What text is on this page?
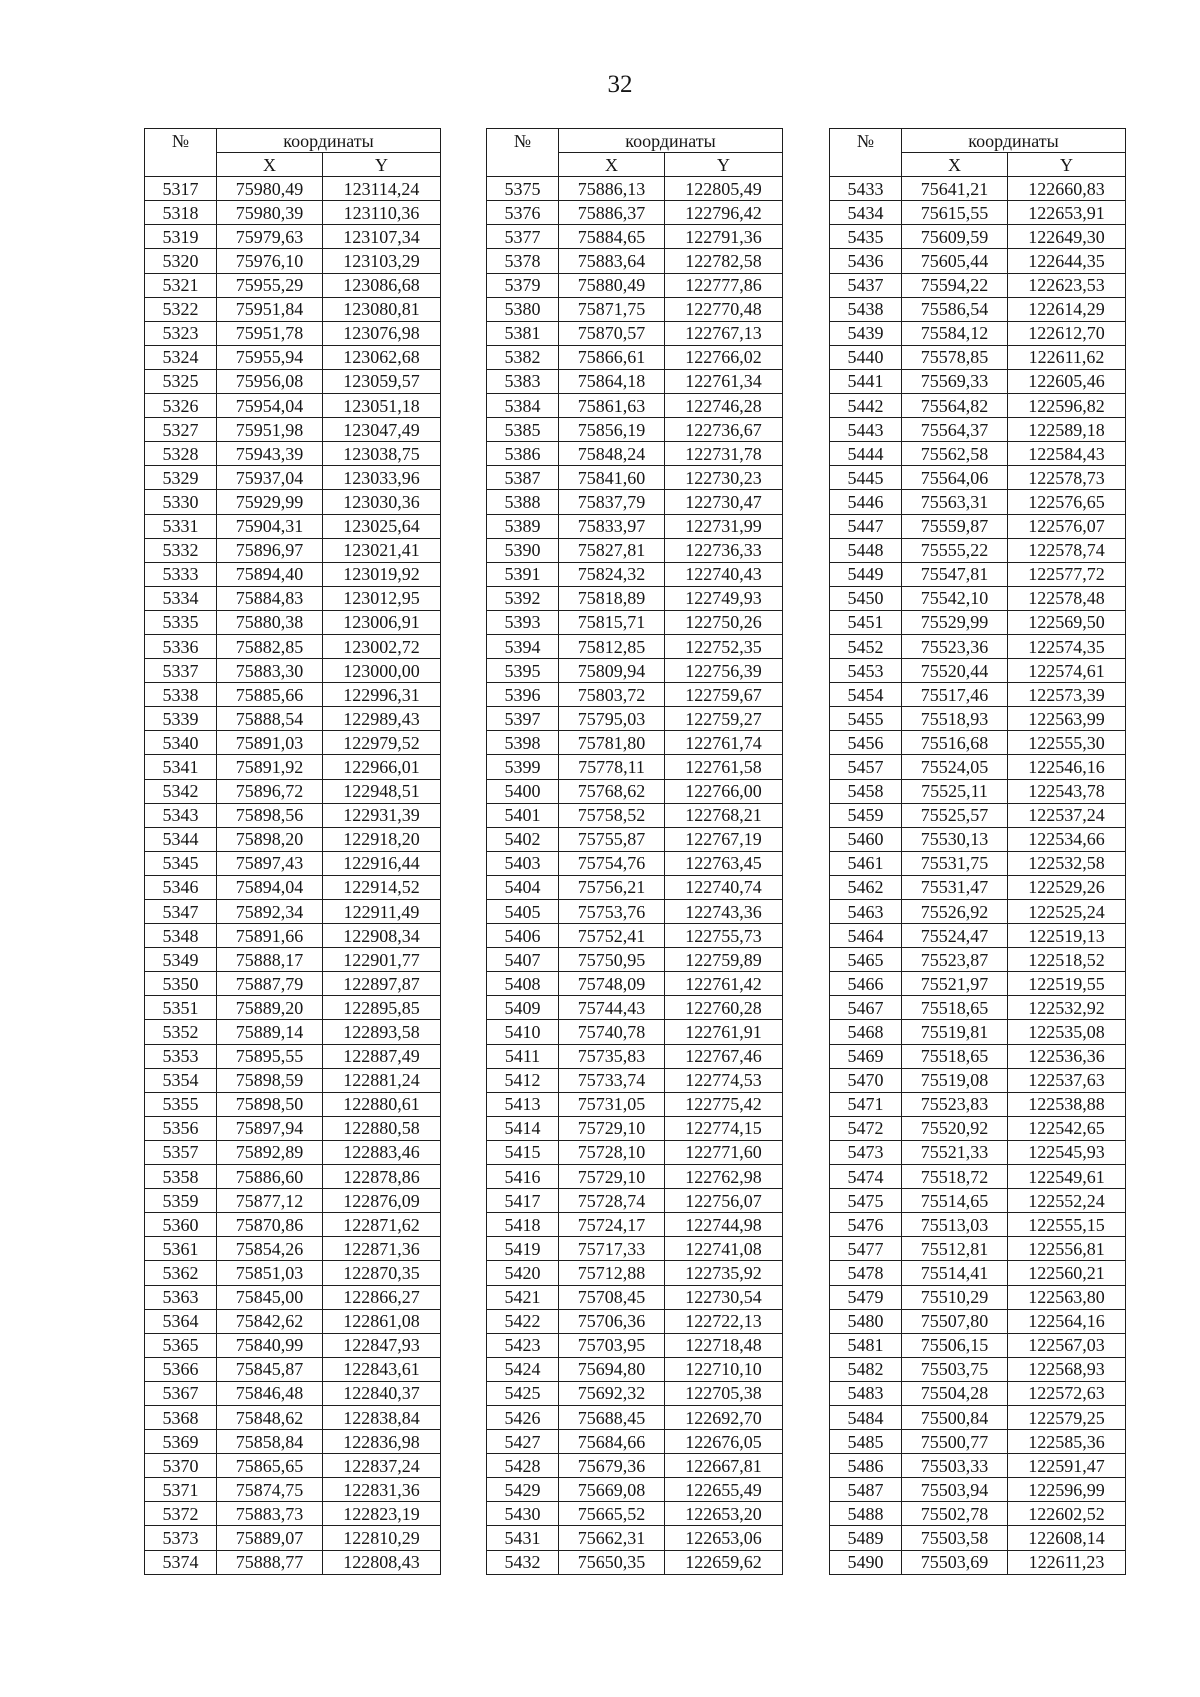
32
№	координаты	
	X	Y
5317	75980,49	123114,24
5318	75980,39	123110,36
5319	75979,63	123107,34
5320	75976,10	123103,29
5321	75955,29	123086,68
5322	75951,84	123080,81
5323	75951,78	123076,98
5324	75955,94	123062,68
5325	75956,08	123059,57
5326	75954,04	123051,18
5327	75951,98	123047,49
5328	75943,39	123038,75
5329	75937,04	123033,96
5330	75929,99	123030,36
5331	75904,31	123025,64
5332	75896,97	123021,41
5333	75894,40	123019,92
5334	75884,83	123012,95
5335	75880,38	123006,91
5336	75882,85	123002,72
5337	75883,30	123000,00
5338	75885,66	122996,31
5339	75888,54	122989,43
5340	75891,03	122979,52
5341	75891,92	122966,01
5342	75896,72	122948,51
5343	75898,56	122931,39
5344	75898,20	122918,20
5345	75897,43	122916,44
5346	75894,04	122914,52
5347	75892,34	122911,49
5348	75891,66	122908,34
5349	75888,17	122901,77
5350	75887,79	122897,87
5351	75889,20	122895,85
5352	75889,14	122893,58
5353	75895,55	122887,49
5354	75898,59	122881,24
5355	75898,50	122880,61
5356	75897,94	122880,58
5357	75892,89	122883,46
5358	75886,60	122878,86
5359	75877,12	122876,09
5360	75870,86	122871,62
5361	75854,26	122871,36
5362	75851,03	122870,35
5363	75845,00	122866,27
5364	75842,62	122861,08
5365	75840,99	122847,93
5366	75845,87	122843,61
5367	75846,48	122840,37
5368	75848,62	122838,84
5369	75858,84	122836,98
5370	75865,65	122837,24
5371	75874,75	122831,36
5372	75883,73	122823,19
5373	75889,07	122810,29
5374	75888,77	122808,43
№	координаты	
	X	Y
5375	75886,13	122805,49
5376	75886,37	122796,42
5377	75884,65	122791,36
5378	75883,64	122782,58
5379	75880,49	122777,86
5380	75871,75	122770,48
5381	75870,57	122767,13
5382	75866,61	122766,02
5383	75864,18	122761,34
5384	75861,63	122746,28
5385	75856,19	122736,67
5386	75848,24	122731,78
5387	75841,60	122730,23
5388	75837,79	122730,47
5389	75833,97	122731,99
5390	75827,81	122736,33
5391	75824,32	122740,43
5392	75818,89	122749,93
5393	75815,71	122750,26
5394	75812,85	122752,35
5395	75809,94	122756,39
5396	75803,72	122759,67
5397	75795,03	122759,27
5398	75781,80	122761,74
5399	75778,11	122761,58
5400	75768,62	122766,00
5401	75758,52	122768,21
5402	75755,87	122767,19
5403	75754,76	122763,45
5404	75756,21	122740,74
5405	75753,76	122743,36
5406	75752,41	122755,73
5407	75750,95	122759,89
5408	75748,09	122761,42
5409	75744,43	122760,28
5410	75740,78	122761,91
5411	75735,83	122767,46
5412	75733,74	122774,53
5413	75731,05	122775,42
5414	75729,10	122774,15
5415	75728,10	122771,60
5416	75729,10	122762,98
5417	75728,74	122756,07
5418	75724,17	122744,98
5419	75717,33	122741,08
5420	75712,88	122735,92
5421	75708,45	122730,54
5422	75706,36	122722,13
5423	75703,95	122718,48
5424	75694,80	122710,10
5425	75692,32	122705,38
5426	75688,45	122692,70
5427	75684,66	122676,05
5428	75679,36	122667,81
5429	75669,08	122655,49
5430	75665,52	122653,20
5431	75662,31	122653,06
5432	75650,35	122659,62
№	координаты	
	X	Y
5433	75641,21	122660,83
5434	75615,55	122653,91
5435	75609,59	122649,30
5436	75605,44	122644,35
5437	75594,22	122623,53
5438	75586,54	122614,29
5439	75584,12	122612,70
5440	75578,85	122611,62
5441	75569,33	122605,46
5442	75564,82	122596,82
5443	75564,37	122589,18
5444	75562,58	122584,43
5445	75564,06	122578,73
5446	75563,31	122576,65
5447	75559,87	122576,07
5448	75555,22	122578,74
5449	75547,81	122577,72
5450	75542,10	122578,48
5451	75529,99	122569,50
5452	75523,36	122574,35
5453	75520,44	122574,61
5454	75517,46	122573,39
5455	75518,93	122563,99
5456	75516,68	122555,30
5457	75524,05	122546,16
5458	75525,11	122543,78
5459	75525,57	122537,24
5460	75530,13	122534,66
5461	75531,75	122532,58
5462	75531,47	122529,26
5463	75526,92	122525,24
5464	75524,47	122519,13
5465	75523,87	122518,52
5466	75521,97	122519,55
5467	75518,65	122532,92
5468	75519,81	122535,08
5469	75518,65	122536,36
5470	75519,08	122537,63
5471	75523,83	122538,88
5472	75520,92	122542,65
5473	75521,33	122545,93
5474	75518,72	122549,61
5475	75514,65	122552,24
5476	75513,03	122555,15
5477	75512,81	122556,81
5478	75514,41	122560,21
5479	75510,29	122563,80
5480	75507,80	122564,16
5481	75506,15	122567,03
5482	75503,75	122568,93
5483	75504,28	122572,63
5484	75500,84	122579,25
5485	75500,77	122585,36
5486	75503,33	122591,47
5487	75503,94	122596,99
5488	75502,78	122602,52
5489	75503,58	122608,14
5490	75503,69	122611,23
